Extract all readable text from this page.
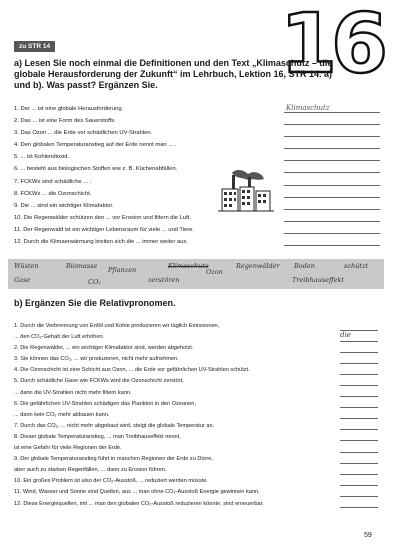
16
zu STR 14
a) Lesen Sie noch einmal die Definitionen und den Text „Klimaschutz – die globale Herausforderung der Zukunft“ im Lehrbuch, Lektion 16, STR 14. a) und b). Was passt? Ergänzen Sie.
1. Der ... ist eine globale Herausforderung.	Klimaschutz
2. Das ... ist eine Form des Sauerstoffs.
3. Das Ozon ... die Erde vor schädlichen UV-Strahlen.
4. Den globalen Temperaturanstieg auf der Erde nennt man ... .
5. ... ist Kohlendioxid.
6. ... besteht aus biologischen Stoffen wie z. B. Küchenabfällen.
7. FCKWs sind schädliche ... .
8. FCKWs ... die Ozonschicht.
9. Die ... sind ein wichtiger Klimafaktor.
10. Die Regenwälder schützen den ... vor Erosion und filtern die Luft.
11. Der Regenwald ist ein wichtiger Lebensraum für viele ... und Tiere.
12. Durch die Klimaerwärmung breiten sich die ... immer weiter aus.
Wüsten	Biomasse Pflanzen	Klimaschutz
Ozon
Regenwälder Boden	schützt
Gase	CO₂	zerstören	Treibhauseffekt
b) Ergänzen Sie die Relativpronomen.
1. Durch die Verbrennung von Erdöl und Kohle produzieren wir täglich Emissionen,
... den CO₂-Gehalt der Luft erhöhen.	die
2. Die Regenwälder, ... ein wichtiger Klimafaktor sind, werden abgeholzt.
3. Sie können das CO₂, ... wir produzieren, nicht mehr aufnehmen.
4. Die Ozonschicht ist eine Schicht aus Ozon, ... die Erde vor gefährlichen UV-Strahlen schützt.
5. Durch schädliche Gase wie FCKWs wird die Ozonschicht zerstört,
... dann die UV-Strahlen nicht mehr filtern kann.
6. Die gefährlichen UV-Strahlen schädigen das Plankton in den Ozeanen,
... dann kein CO₂ mehr abbauen kann.
7. Durch das CO₂, ... nicht mehr abgebaut wird, steigt die globale Temperatur an.
8. Dieser globale Temperaturanstieg, ... man Treibhauseffekt nennt,
ist eine Gefahr für viele Regionen der Erde.
9. Der globale Temperaturanstieg führt in manchen Regionen der Erde zu Dürre,
aber auch zu starken Regenfällen, ... dann zu Erosion führen.
10. Ein großes Problem ist also der CO₂-Ausstoß, ... reduziert werden müsste.
11. Wind, Wasser und Sonne sind Quellen, aus ... man ohne CO₂-Ausstoß Energie gewinnen kann.
12. Diese Energiequellen, mit ... man den globalen CO₂-Ausstoß reduzieren könnte, sind erneuerbar.
59
